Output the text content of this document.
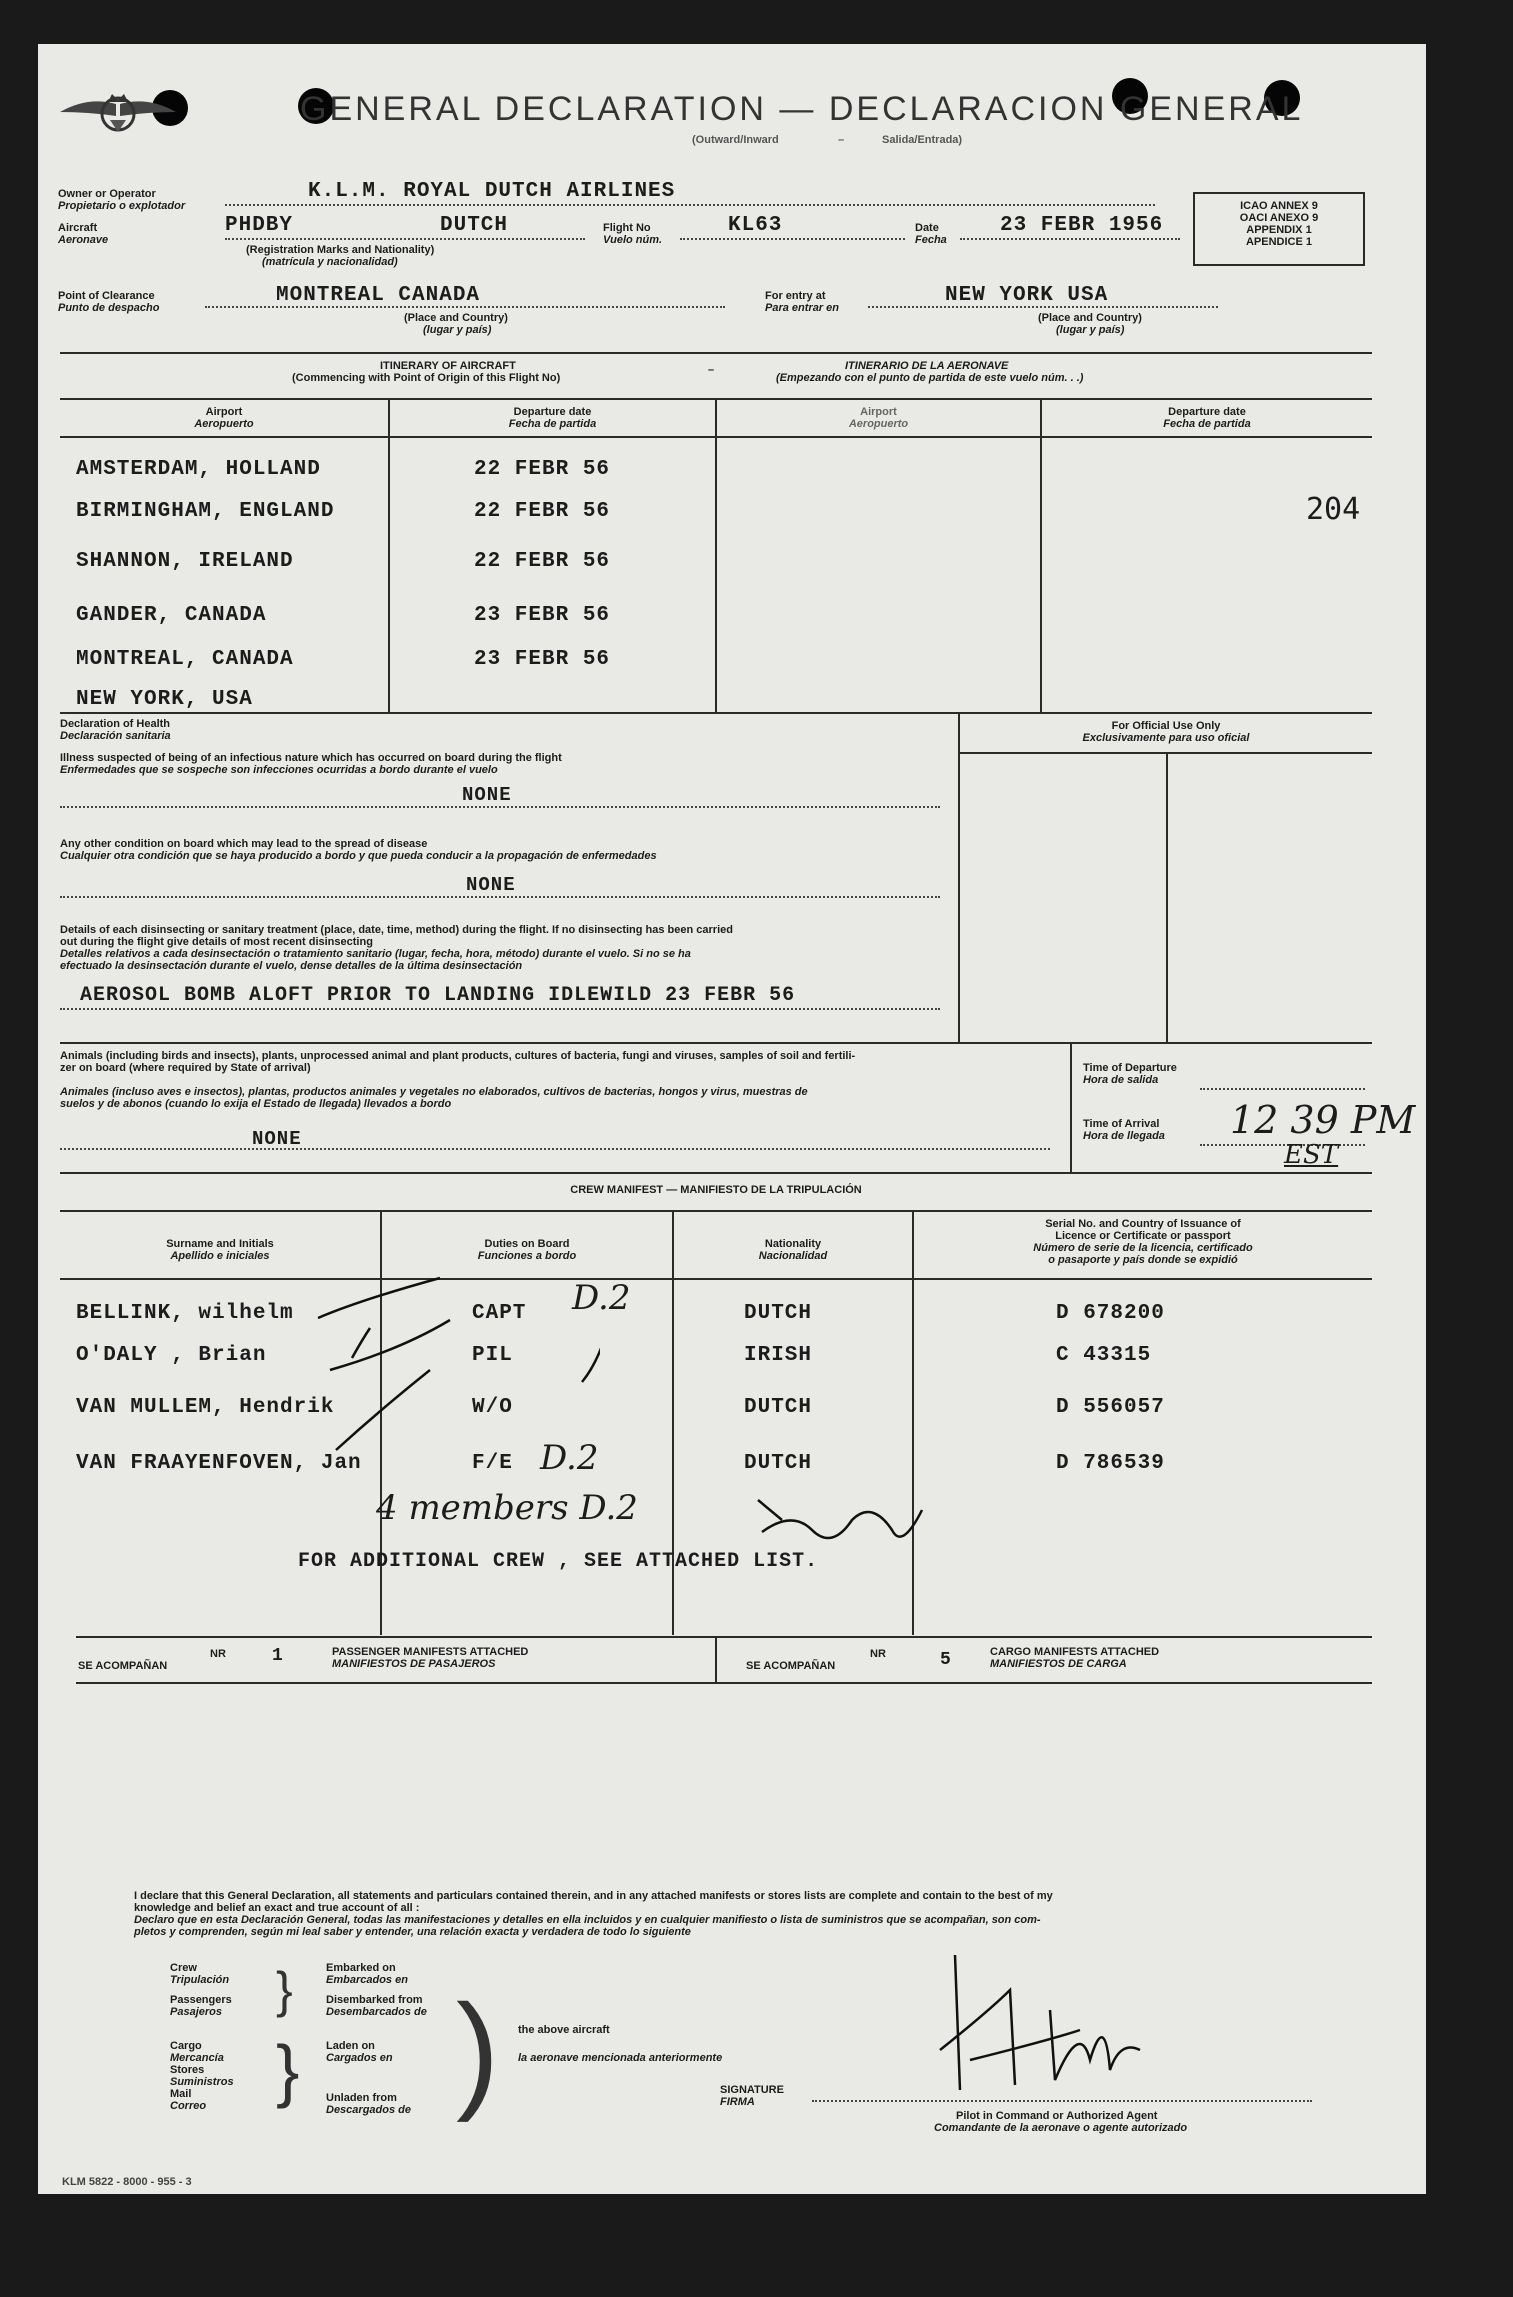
GENERAL DECLARATION — DECLARACION GENERAL
(Outward/Inward	–	Salida/Entrada)
ICAO ANNEX 9
OACI ANEXO 9
APPENDIX 1
APENDICE 1
Owner or Operator
Propietario o explotador
K.L.M. ROYAL DUTCH AIRLINES
Aircraft
Aeronave
PHDBY	DUTCH
(Registration Marks and Nationality)
(matrícula y nacionalidad)
Flight No
Vuelo núm.
KL63	Date
Fecha
23 FEBR 1956
Point of Clearance
Punto de despacho
MONTREAL CANADA
(Place and Country)
(lugar y país)
For entry at
Para entrar en
NEW YORK USA
(Place and Country)
(lugar y país)
ITINERARY OF AIRCRAFT
(Commencing with Point of Origin of this Flight No)
–	ITINERARIO DE LA AERONAVE
(Empezando con el punto de partida de este vuelo núm. . .)
Airport
Aeropuerto
Departure date
Fecha de partida
Airport
Aeropuerto
Departure date
Fecha de partida
AMSTERDAM, HOLLAND	22 FEBR 56
BIRMINGHAM, ENGLAND	22 FEBR 56
SHANNON, IRELAND	22 FEBR 56
GANDER, CANADA	23 FEBR 56
MONTREAL, CANADA	23 FEBR 56
NEW YORK, USA
204
For Official Use Only
Exclusivamente para uso oficial
Declaration of Health
Declaración sanitaria
Illness suspected of being of an infectious nature which has occurred on board during the flight
Enfermedades que se sospeche son infecciones ocurridas a bordo durante el vuelo
NONE
Any other condition on board which may lead to the spread of disease
Cualquier otra condición que se haya producido a bordo y que pueda conducir a la propagación de enfermedades
NONE
Details of each disinsecting or sanitary treatment (place, date, time, method) during the flight. If no disinsecting has been carried
out during the flight give details of most recent disinsecting
Detalles relativos a cada desinsectación o tratamiento sanitario (lugar, fecha, hora, método) durante el vuelo. Si no se ha
efectuado la desinsectación durante el vuelo, dense detalles de la última desinsectación
AEROSOL BOMB ALOFT PRIOR TO LANDING IDLEWILD 23 FEBR 56
Animals (including birds and insects), plants, unprocessed animal and plant products, cultures of bacteria, fungi and viruses, samples of soil and fertili-
zer on board (where required by State of arrival)
Animales (incluso aves e insectos), plantas, productos animales y vegetales no elaborados, cultivos de bacterias, hongos y virus, muestras de
suelos y de abonos (cuando lo exija el Estado de llegada) llevados a bordo
NONE
Time of Departure
Hora de salida
Time of Arrival
Hora de llegada 12 39 PM
EST
CREW MANIFEST — MANIFIESTO DE LA TRIPULACIÓN
Surname and Initials
Apellido e iniciales
Duties on Board
Funciones a bordo
Nationality
Nacionalidad
Serial No. and Country of Issuance of
Licence or Certificate or passport
Número de serie de la licencia, certificado
o pasaporte y país donde se expidió
BELLINK, wilhelm	CAPT	DUTCH	D 678200
O'DALY , Brian	PIL	IRISH	C 43315
VAN MULLEM, Hendrik	W/O	DUTCH	D 556057
VAN FRAAYENFOVEN, Jan	F/E	DUTCH	D 786539
D.2
D.2
4 members D.2
FOR ADDITIONAL CREW , SEE ATTACHED LIST.
SE ACOMPAÑAN
NR	1	PASSENGER MANIFESTS ATTACHED
MANIFIESTOS DE PASAJEROS	SE ACOMPAÑAN
NR	5	CARGO MANIFESTS ATTACHED
MANIFIESTOS DE CARGA
I declare that this General Declaration, all statements and particulars contained therein, and in any attached manifests or stores lists are complete and contain to the best of my
knowledge and belief an exact and true account of all :
Declaro que en esta Declaración General, todas las manifestaciones y detalles en ella incluidos y en cualquier manifiesto o lista de suministros que se acompañan, son com-
pletos y comprenden, según mi leal saber y entender, una relación exacta y verdadera de todo lo siguiente
Crew
Tripulación
Passengers
Pasajeros }	Embarked on
Embarcados en
Disembarked from
Desembarcados de
Cargo
Mercancía
Stores
Suministros
Mail
Correo } Laden on
Cargados en
Unladen from
Descargados de ) the above aircraft
la aeronave mencionada anteriormente
SIGNATURE
FIRMA
Pilot in Command or Authorized Agent
Comandante de la aeronave o agente autorizado
KLM 5822 - 8000 - 955 - 3
